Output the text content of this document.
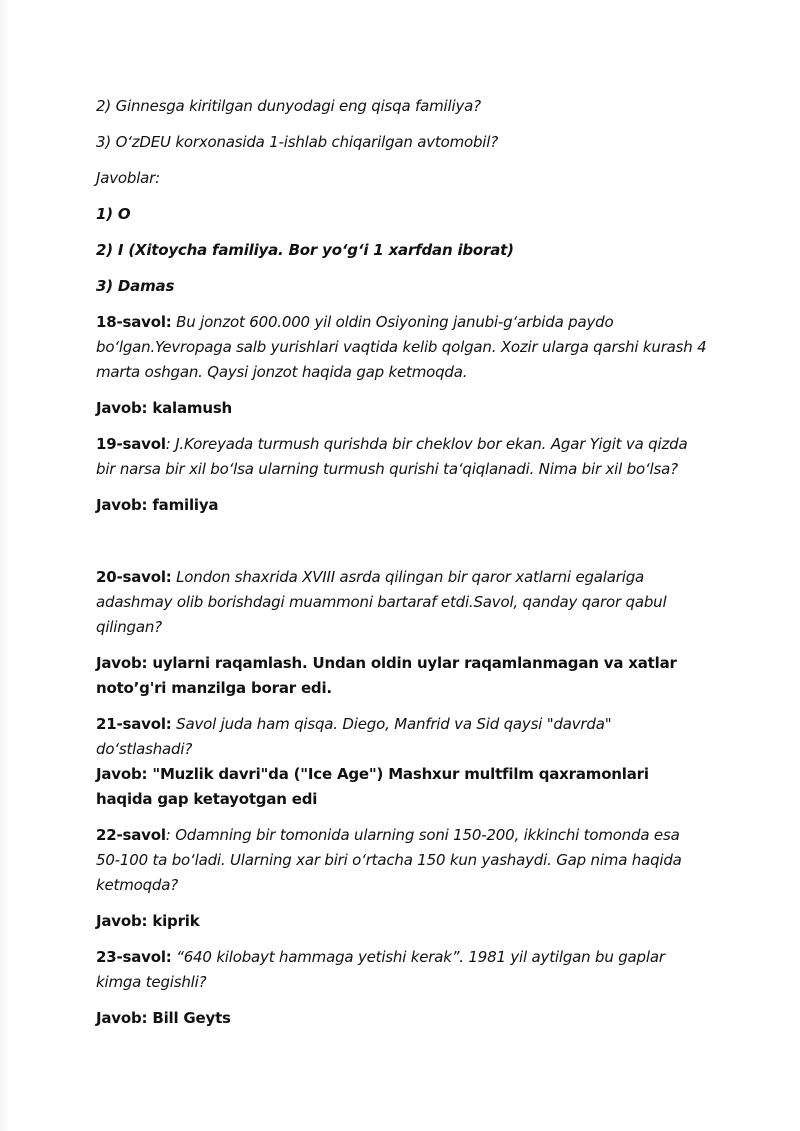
2) Ginnesga kiritilgan dunyodagi eng qisqa familiya?

3) O‘zDEU korxonasida 1-ishlab chiqarilgan avtomobil?

Javoblar:

1) O

2) I (Xitoycha familiya. Bor yo‘g‘i 1 xarfdan iborat)

3) Damas

18-savol: Bu jonzot 600.000 yil oldin Osiyoning janubi-g‘arbida paydo bo‘lgan.Yevropaga salb yurishlari vaqtida kelib qolgan. Xozir ularga qarshi kurash 4 marta oshgan. Qaysi jonzot haqida gap ketmoqda.

Javob: kalamush

19-savol: J.Koreyada turmush qurishda bir cheklov bor ekan. Agar Yigit va qizda bir narsa bir xil bo‘lsa ularning turmush qurishi ta‘qiqlanadi. Nima bir xil bo‘lsa?

Javob: familiya

20-savol: London shaxrida XVIII asrda qilingan bir qaror xatlarni egalariga adashmay olib borishdagi muammoni bartaraf etdi.Savol, qanday qaror qabul qilingan?

Javob: uylarni raqamlash. Undan oldin uylar raqamlanmagan va xatlar noto’g'ri manzilga borar edi.

21-savol: Savol juda ham qisqa. Diego, Manfrid va Sid qaysi "davrda" do‘stlashadi?

Javob: "Muzlik davri"da ("Ice Age") Mashxur multfilm qaxramonlari haqida gap ketayotgan edi

22-savol: Odamning bir tomonida ularning soni 150-200, ikkinchi tomonda esa 50-100 ta bo‘ladi. Ularning xar biri o‘rtacha 150 kun yashaydi. Gap nima haqida ketmoqda?

Javob: kiprik

23-savol: “640 kilobayt hammaga yetishi kerak”. 1981 yil aytilgan bu gaplar kimga tegishli?

Javob: Bill Geyts
